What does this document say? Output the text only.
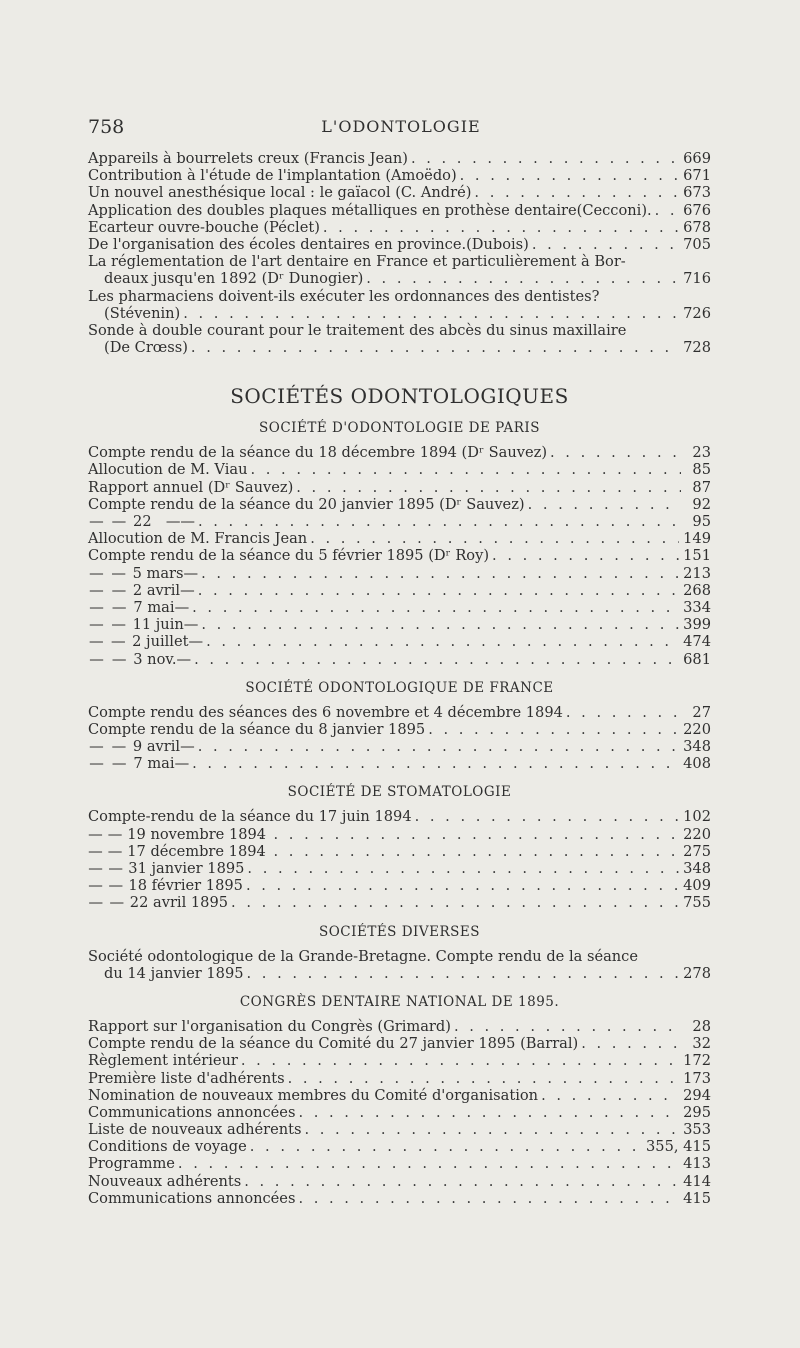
758	L'ODONTOLOGIE
Appareils à bourrelets creux (Francis Jean) . . .	669
Contribution à l'étude de l'implantation (Amoëdo) . . .	671
Un nouvel anesthésique local : le gaïacol (C. André) . . .	673
Application des doubles plaques métalliques en prothèse dentaire(Cecconi). . . . 676
Ecarteur ouvre-bouche (Péclet) . . .	678
De l'organisation des écoles dentaires en province.(Dubois) . . .	705
La réglementation de l'art dentaire en France et particulièrement à Bor-
deaux jusqu'en 1892 (Dʳ Dunogier) . . .	716
Les pharmaciens doivent-ils exécuter les ordonnances des dentistes?
(Stévenin) . . .	726
Sonde à double courant pour le traitement des abcès du sinus maxillaire
(De Crœss) . . .	728
SOCIÉTÉS ODONTOLOGIQUES
SOCIÉTÉ D'ODONTOLOGIE DE PARIS
Compte rendu de la séance du 18 décembre 1894 (Dʳ Sauvez) . . .	23
Allocution de M. Viau . . .	85
Rapport annuel (Dʳ Sauvez) . . .	87
Compte rendu de la séance du 20 janvier 1895 (Dʳ Sauvez) . . .	92
— — 22 — — . . .	95
Allocution de M. Francis Jean . . .	149
Compte rendu de la séance du 5 février 1895 (Dʳ Roy) . . .	151
— — 5 mars — . . .	213
— — 2 avril — . . .	268
— — 7 mai — . . .	334
— — 11 juin — . . .	399
— — 2 juillet — . . .	474
— — 3 nov. — . . .	681
SOCIÉTÉ ODONTOLOGIQUE DE FRANCE
Compte rendu des séances des 6 novembre et 4 décembre 1894 . . .	27
Compte rendu de la séance du 8 janvier 1895 . . .	220
— — 9 avril — . . .	348
— — 7 mai — . . .	408
SOCIÉTÉ DE STOMATOLOGIE
Compte-rendu de la séance du 17 juin 1894 . . .	102
— — 19 novembre 1894 . . .	220
— — 17 décembre 1894 . . .	275
— — 31 janvier 1895 . . .	348
— — 18 février 1895 . . .	409
— — 22 avril 1895 . . .	755
SOCIÉTÉS DIVERSES
Société odontologique de la Grande-Bretagne. Compte rendu de la séance
du 14 janvier 1895 . . .	278
CONGRÈS DENTAIRE NATIONAL DE 1895.
Rapport sur l'organisation du Congrès (Grimard) . . .	28
Compte rendu de la séance du Comité du 27 janvier 1895 (Barral) . . .	32
Règlement intérieur . . .	172
Première liste d'adhérents . . .	173
Nomination de nouveaux membres du Comité d'organisation . . .	294
Communications annoncées . . .	295
Liste de nouveaux adhérents . . .	353
Conditions de voyage . . .	355, 415
Programme . . .	413
Nouveaux adhérents . . .	414
Communications annoncées . . .	415
